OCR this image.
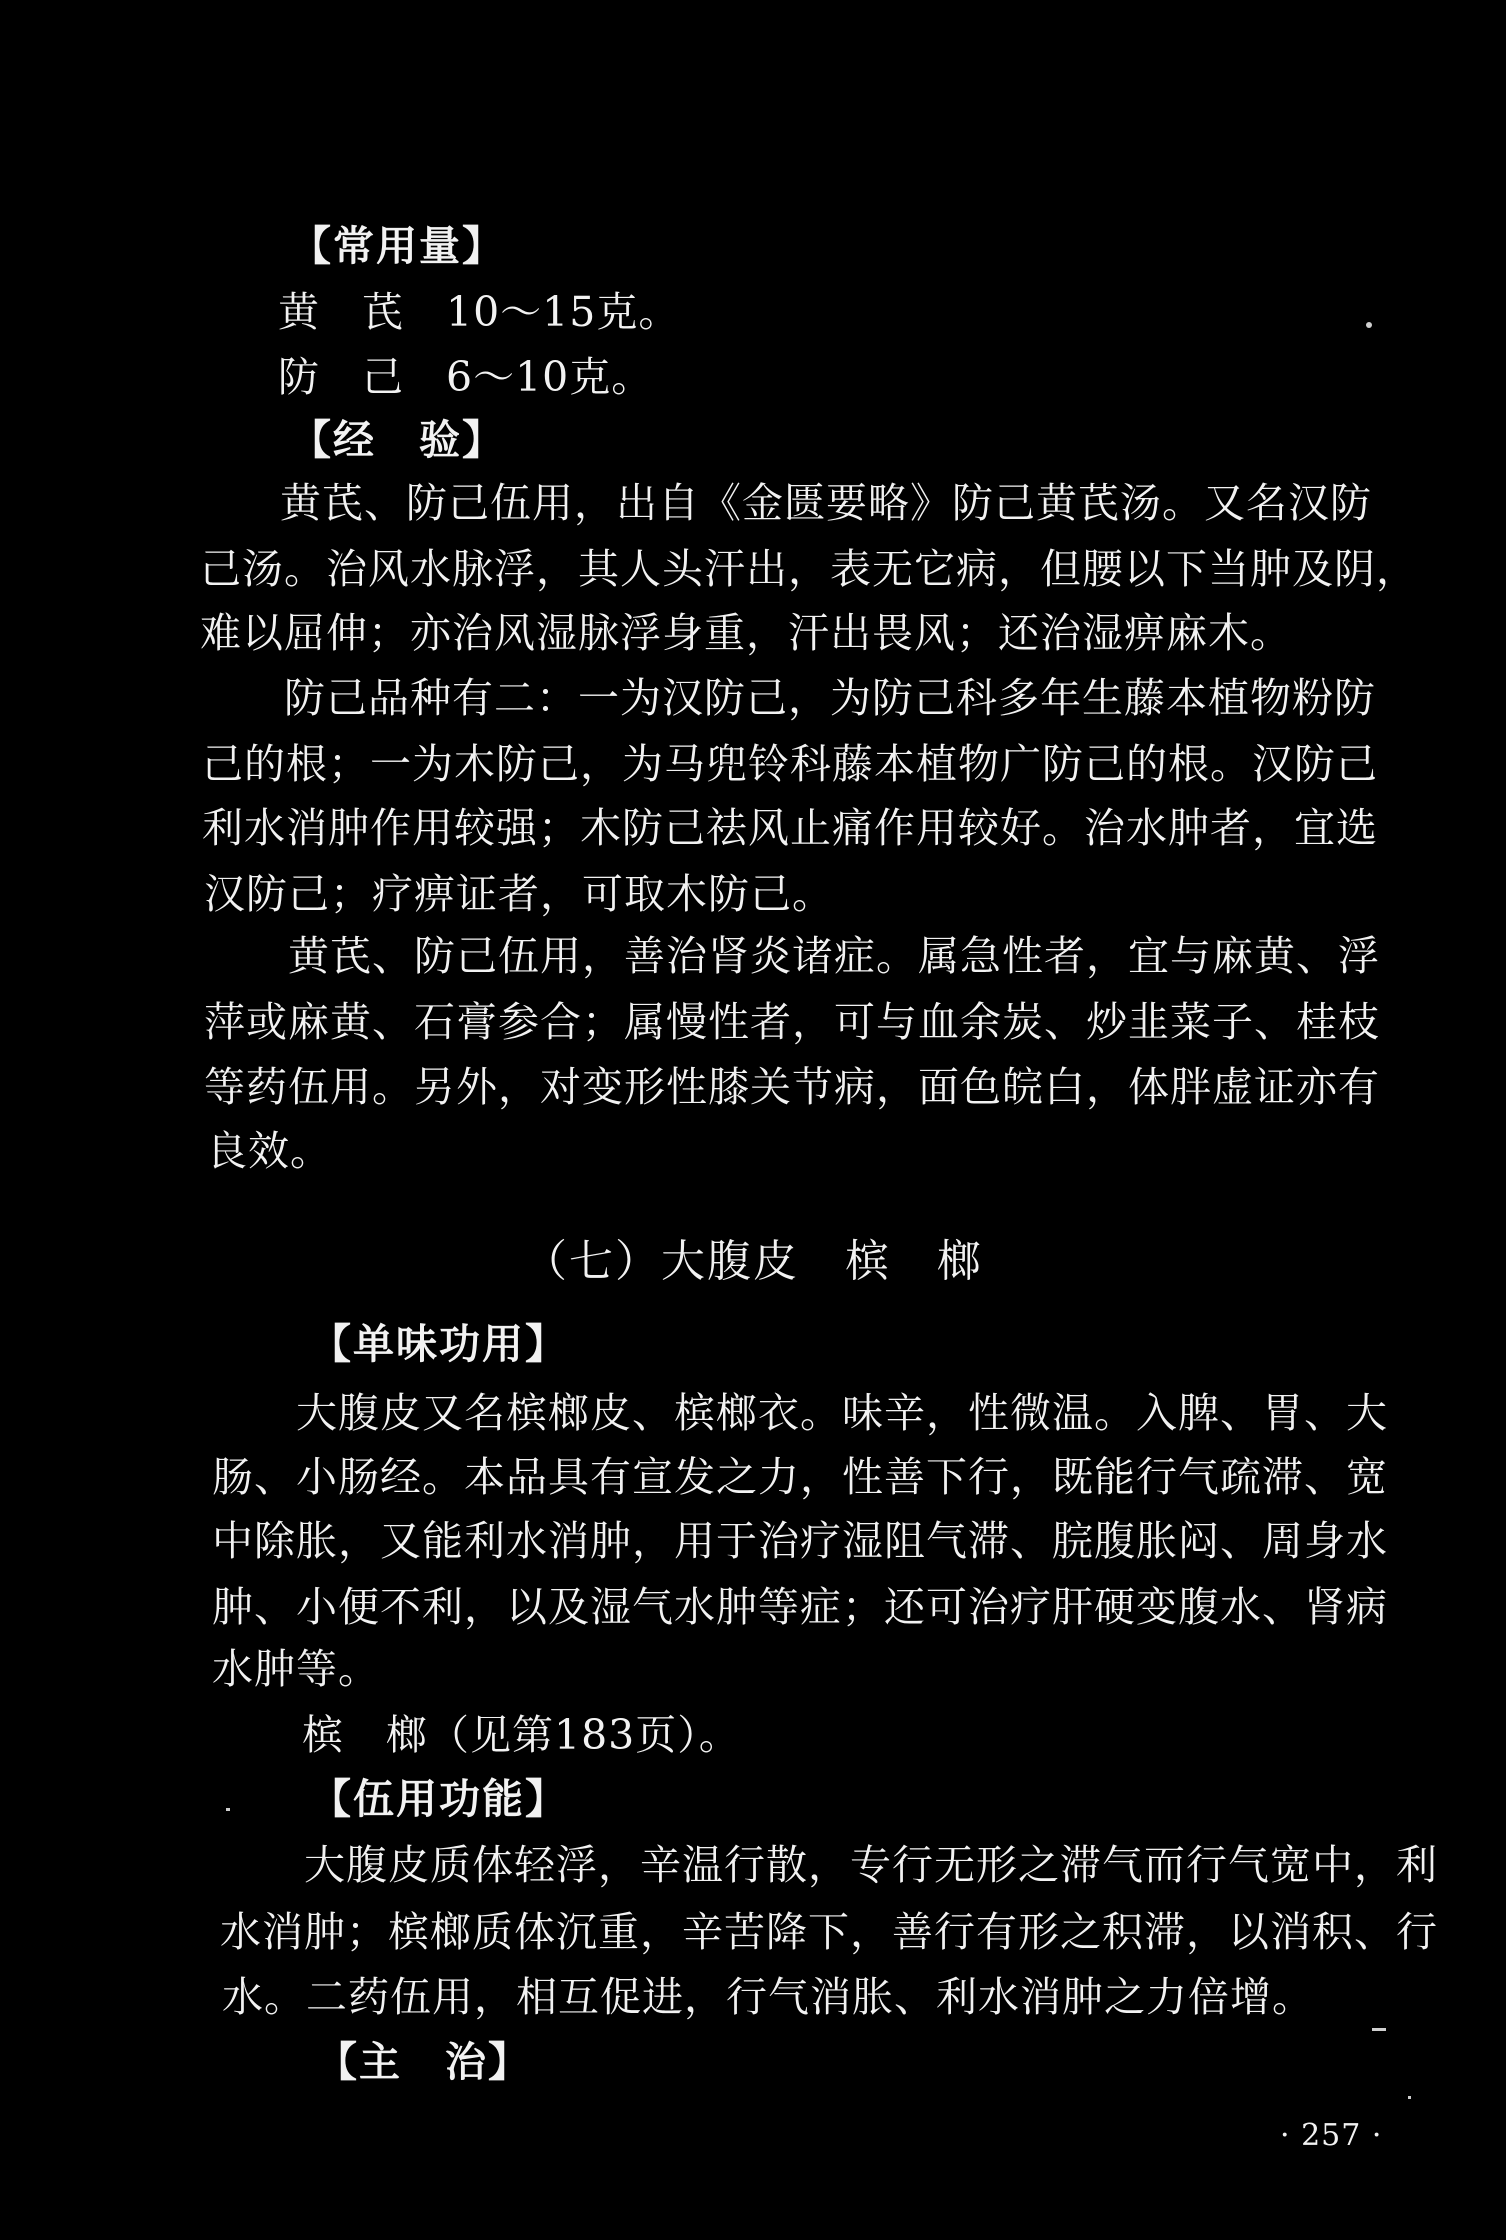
【常用量】
黄　芪　10～15克。
防　己　6～10克。
【经　验】
黄芪、防己伍用，出自《金匮要略》防己黄芪汤。又名汉防
己汤。治风水脉浮，其人头汗出，表无它病，但腰以下当肿及阴，
难以屈伸；亦治风湿脉浮身重，汗出畏风；还治湿痹麻木。
防己品种有二：一为汉防己，为防己科多年生藤本植物粉防
己的根；一为木防己，为马兜铃科藤本植物广防己的根。汉防己
利水消肿作用较强；木防己祛风止痛作用较好。治水肿者，宜选
汉防己；疗痹证者，可取木防己。
黄芪、防己伍用，善治肾炎诸症。属急性者，宜与麻黄、浮
萍或麻黄、石膏参合；属慢性者，可与血余炭、炒韭菜子、桂枝
等药伍用。另外，对变形性膝关节病，面色皖白，体胖虚证亦有
良效。
（七）大腹皮　槟　榔
【单味功用】
大腹皮又名槟榔皮、槟榔衣。味辛，性微温。入脾、胃、大
肠、小肠经。本品具有宣发之力，性善下行，既能行气疏滞、宽
中除胀，又能利水消肿，用于治疗湿阻气滞、脘腹胀闷、周身水
肿、小便不利，以及湿气水肿等症；还可治疗肝硬变腹水、肾病
水肿等。
槟　榔（见第183页）。
【伍用功能】
大腹皮质体轻浮，辛温行散，专行无形之滞气而行气宽中，利
水消肿；槟榔质体沉重，辛苦降下，善行有形之积滞，以消积、行
水。二药伍用，相互促进，行气消胀、利水消肿之力倍增。
【主　治】
· 257 ·
